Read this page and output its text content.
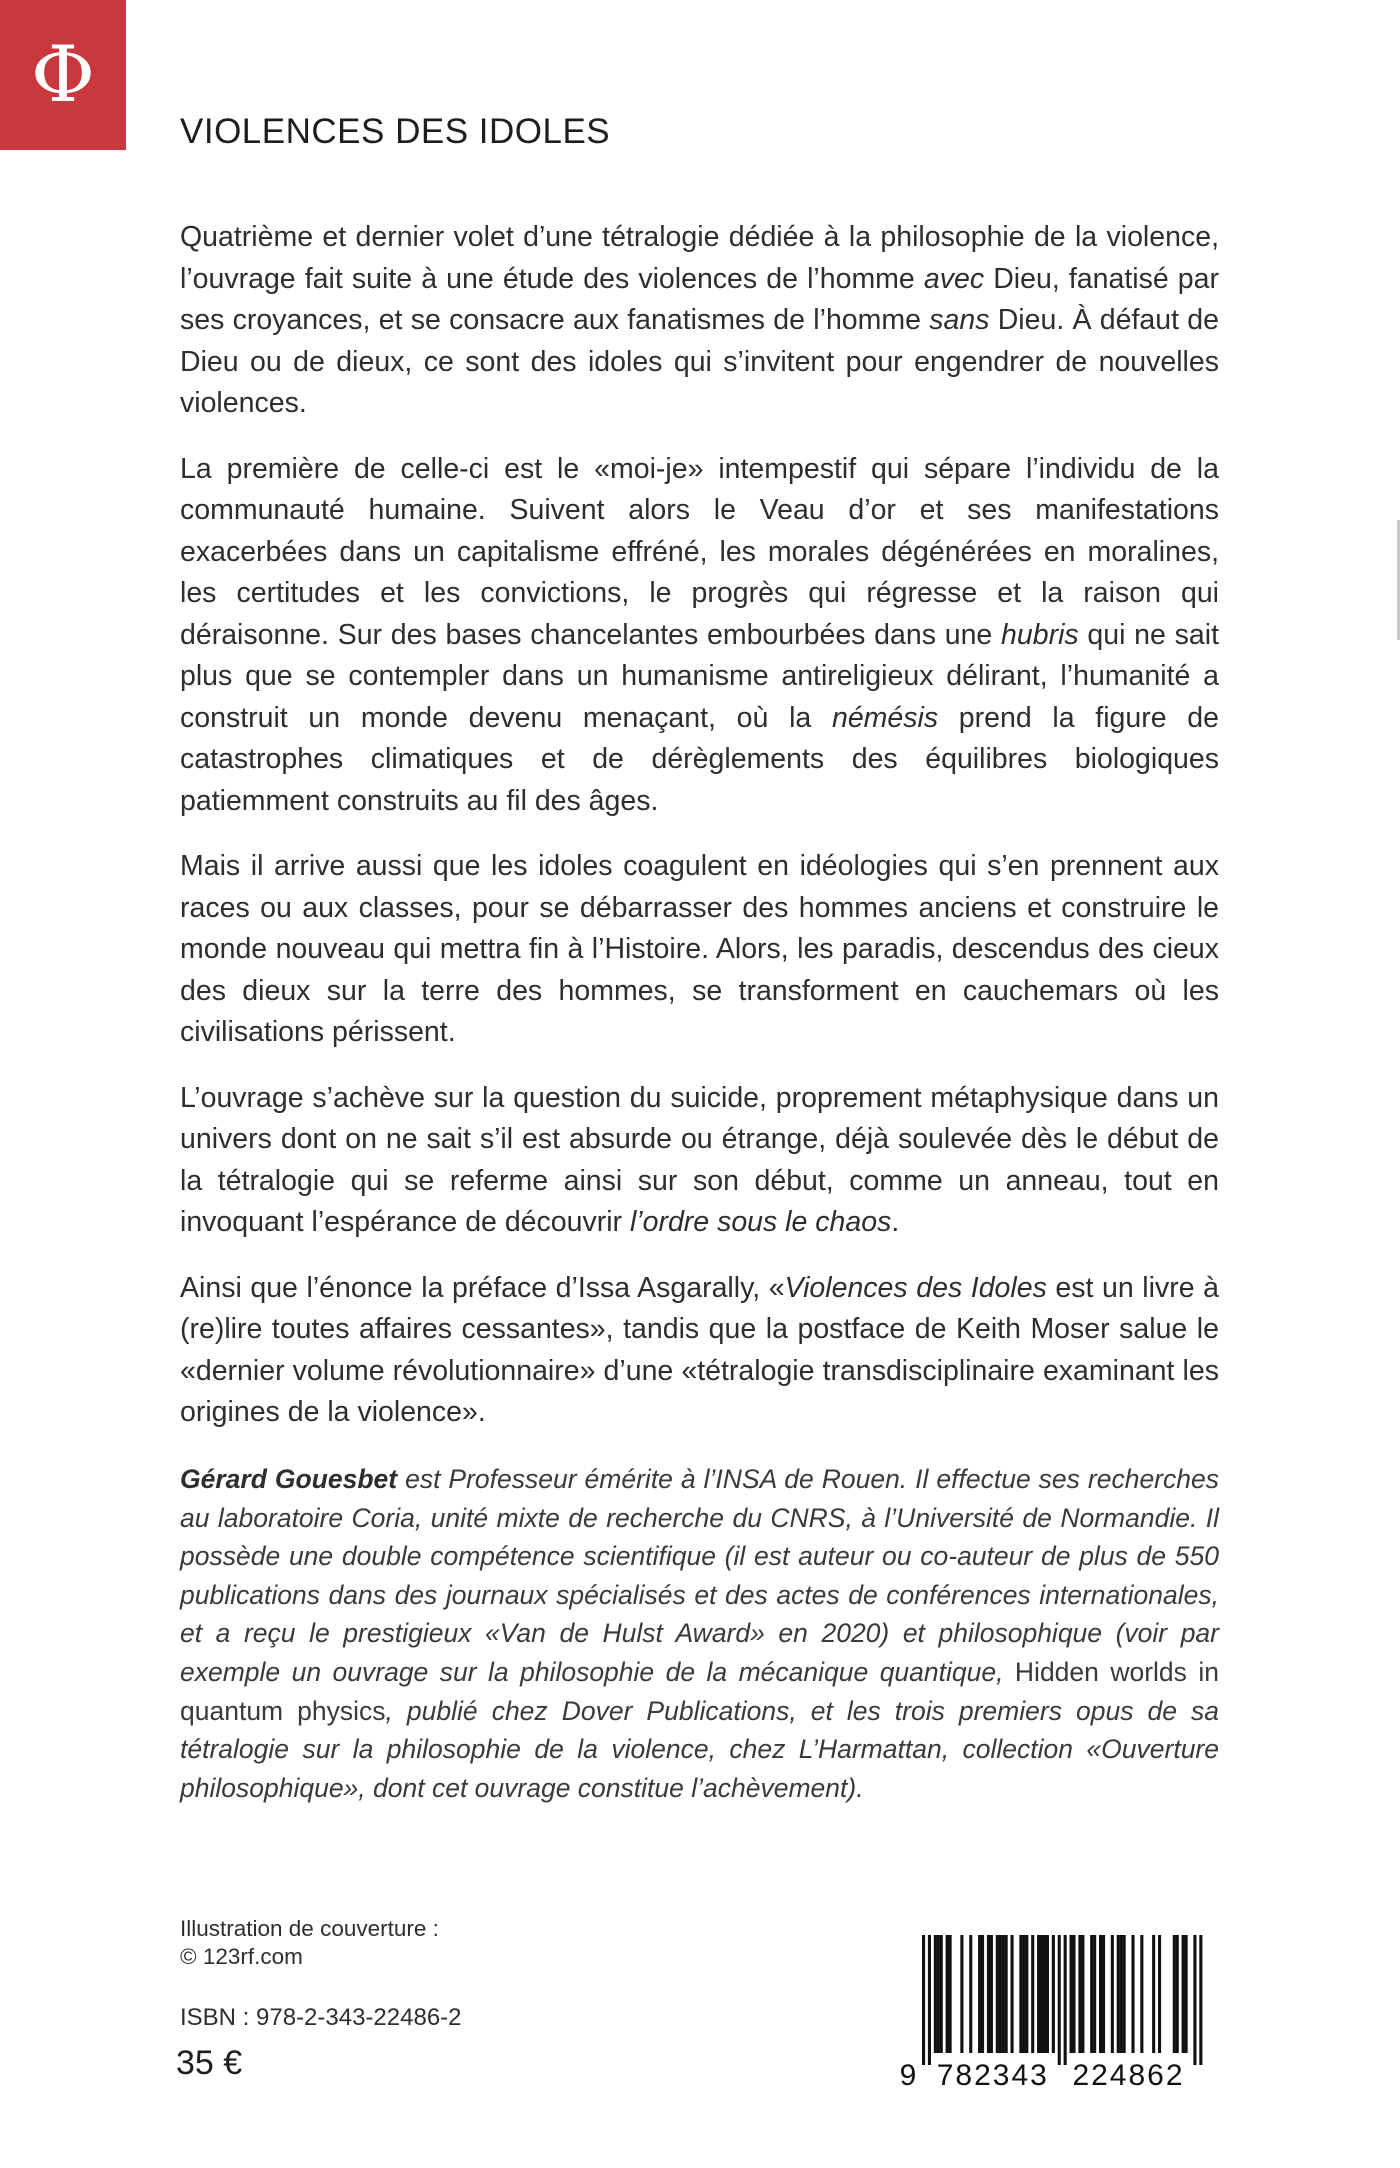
Φ
VIOLENCES DES IDOLES

Quatrième et dernier volet d’une tétralogie dédiée à la philosophie de la violence, l’ouvrage fait suite à une étude des violences de l’homme avec Dieu, fanatisé par ses croyances, et se consacre aux fanatismes de l’homme sans Dieu. À défaut de Dieu ou de dieux, ce sont des idoles qui s’invitent pour engendrer de nouvelles violences.

La première de celle-ci est le «moi-je» intempestif qui sépare l’individu de la communauté humaine. Suivent alors le Veau d’or et ses manifestations exacerbées dans un capitalisme effréné, les morales dégénérées en moralines, les certitudes et les convictions, le progrès qui régresse et la raison qui déraisonne. Sur des bases chancelantes embourbées dans une hubris qui ne sait plus que se contempler dans un humanisme antireligieux délirant, l’humanité a construit un monde devenu menaçant, où la némésis prend la figure de catastrophes climatiques et de dérèglements des équilibres biologiques patiemment construits au fil des âges.

Mais il arrive aussi que les idoles coagulent en idéologies qui s’en prennent aux races ou aux classes, pour se débarrasser des hommes anciens et construire le monde nouveau qui mettra fin à l’Histoire. Alors, les paradis, descendus des cieux des dieux sur la terre des hommes, se transforment en cauchemars où les civilisations périssent.

L’ouvrage s’achève sur la question du suicide, proprement métaphysique dans un univers dont on ne sait s’il est absurde ou étrange, déjà soulevée dès le début de la tétralogie qui se referme ainsi sur son début, comme un anneau, tout en invoquant l’espérance de découvrir l’ordre sous le chaos.

Ainsi que l’énonce la préface d’Issa Asgarally, «Violences des Idoles est un livre à (re)lire toutes affaires cessantes», tandis que la postface de Keith Moser salue le «dernier volume révolutionnaire» d’une «tétralogie transdisciplinaire examinant les origines de la violence».

Gérard Gouesbet est Professeur émérite à l’INSA de Rouen. Il effectue ses recherches au laboratoire Coria, unité mixte de recherche du CNRS, à l’Université de Normandie. Il possède une double compétence scientifique (il est auteur ou co-auteur de plus de 550 publications dans des journaux spécialisés et des actes de conférences internationales, et a reçu le prestigieux «Van de Hulst Award» en 2020) et philosophique (voir par exemple un ouvrage sur la philosophie de la mécanique quantique, Hidden worlds in quantum physics, publié chez Dover Publications, et les trois premiers opus de sa tétralogie sur la philosophie de la violence, chez L’Harmattan, collection «Ouverture philosophique», dont cet ouvrage constitue l’achèvement).

Illustration de couverture :
© 123rf.com
ISBN : 978-2-343-22486-2
35 €	9 782343 224862
